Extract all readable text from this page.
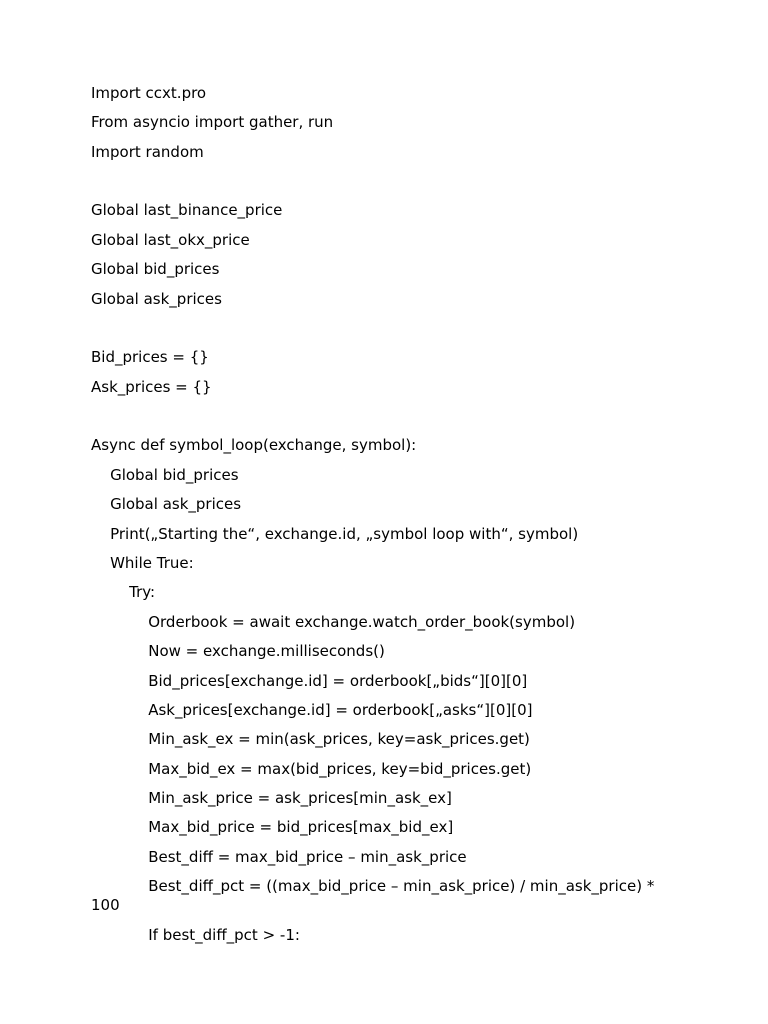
Import ccxt.pro

From asyncio import gather, run

Import random

Global last_binance_price

Global last_okx_price

Global bid_prices

Global ask_prices

Bid_prices = {}

Ask_prices = {}

Async def symbol_loop(exchange, symbol):

Global bid_prices

Global ask_prices

Print(„Starting the“, exchange.id, „symbol loop with“, symbol)

While True:

Try:

Orderbook = await exchange.watch_order_book(symbol)

Now = exchange.milliseconds()

Bid_prices[exchange.id] = orderbook[„bids“][0][0]

Ask_prices[exchange.id] = orderbook[„asks“][0][0]

Min_ask_ex = min(ask_prices, key=ask_prices.get)

Max_bid_ex = max(bid_prices, key=bid_prices.get)

Min_ask_price = ask_prices[min_ask_ex]

Max_bid_price = bid_prices[max_bid_ex]

Best_diff = max_bid_price – min_ask_price

Best_diff_pct = ((max_bid_price – min_ask_price) / min_ask_price) *

100

If best_diff_pct > -1:
